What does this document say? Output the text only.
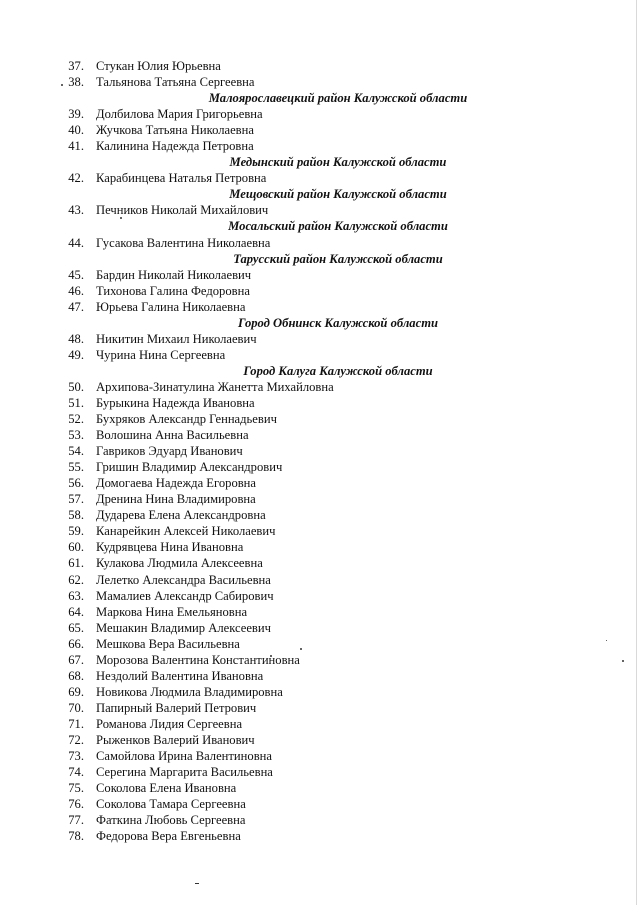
37. Стукан Юлия Юрьевна
38. Тальянова Татьяна Сергеевна
Малоярославецкий район Калужской области
39. Долбилова Мария Григорьевна
40. Жучкова Татьяна Николаевна
41. Калинина Надежда Петровна
Медынский район Калужской области
42. Карабинцева Наталья Петровна
Мещовский район Калужской области
43. Печников Николай Михайлович
Мосальский район Калужской области
44. Гусакова Валентина Николаевна
Тарусский район Калужской области
45. Бардин Николай Николаевич
46. Тихонова Галина Федоровна
47. Юрьева Галина Николаевна
Город Обнинск Калужской области
48. Никитин Михаил Николаевич
49. Чурина Нина Сергеевна
Город Калуга Калужской области
50. Архипова-Зинатулина Жанетта Михайловна
51. Бурыкина Надежда Ивановна
52. Бухряков Александр Геннадьевич
53. Волошина Анна Васильевна
54. Гавриков Эдуард Иванович
55. Гришин Владимир Александрович
56. Домогаева Надежда Егоровна
57. Дренина Нина Владимировна
58. Дударева Елена Александровна
59. Канарейкин Алексей Николаевич
60. Кудрявцева Нина Ивановна
61. Кулакова Людмила Алексеевна
62. Лелетко Александра Васильевна
63. Мамалиев Александр Сабирович
64. Маркова Нина Емельяновна
65. Мешакин Владимир Алексеевич
66. Мешкова Вера Васильевна
67. Морозова Валентина Константиновна
68. Нездолий Валентина Ивановна
69. Новикова Людмила Владимировна
70. Папирный Валерий Петрович
71. Романова Лидия Сергеевна
72. Рыженков Валерий Иванович
73. Самойлова Ирина Валентиновна
74. Серегина Маргарита Васильевна
75. Соколова Елена Ивановна
76. Соколова Тамара Сергеевна
77. Фаткина Любовь Сергеевна
78. Федорова Вера Евгеньевна
